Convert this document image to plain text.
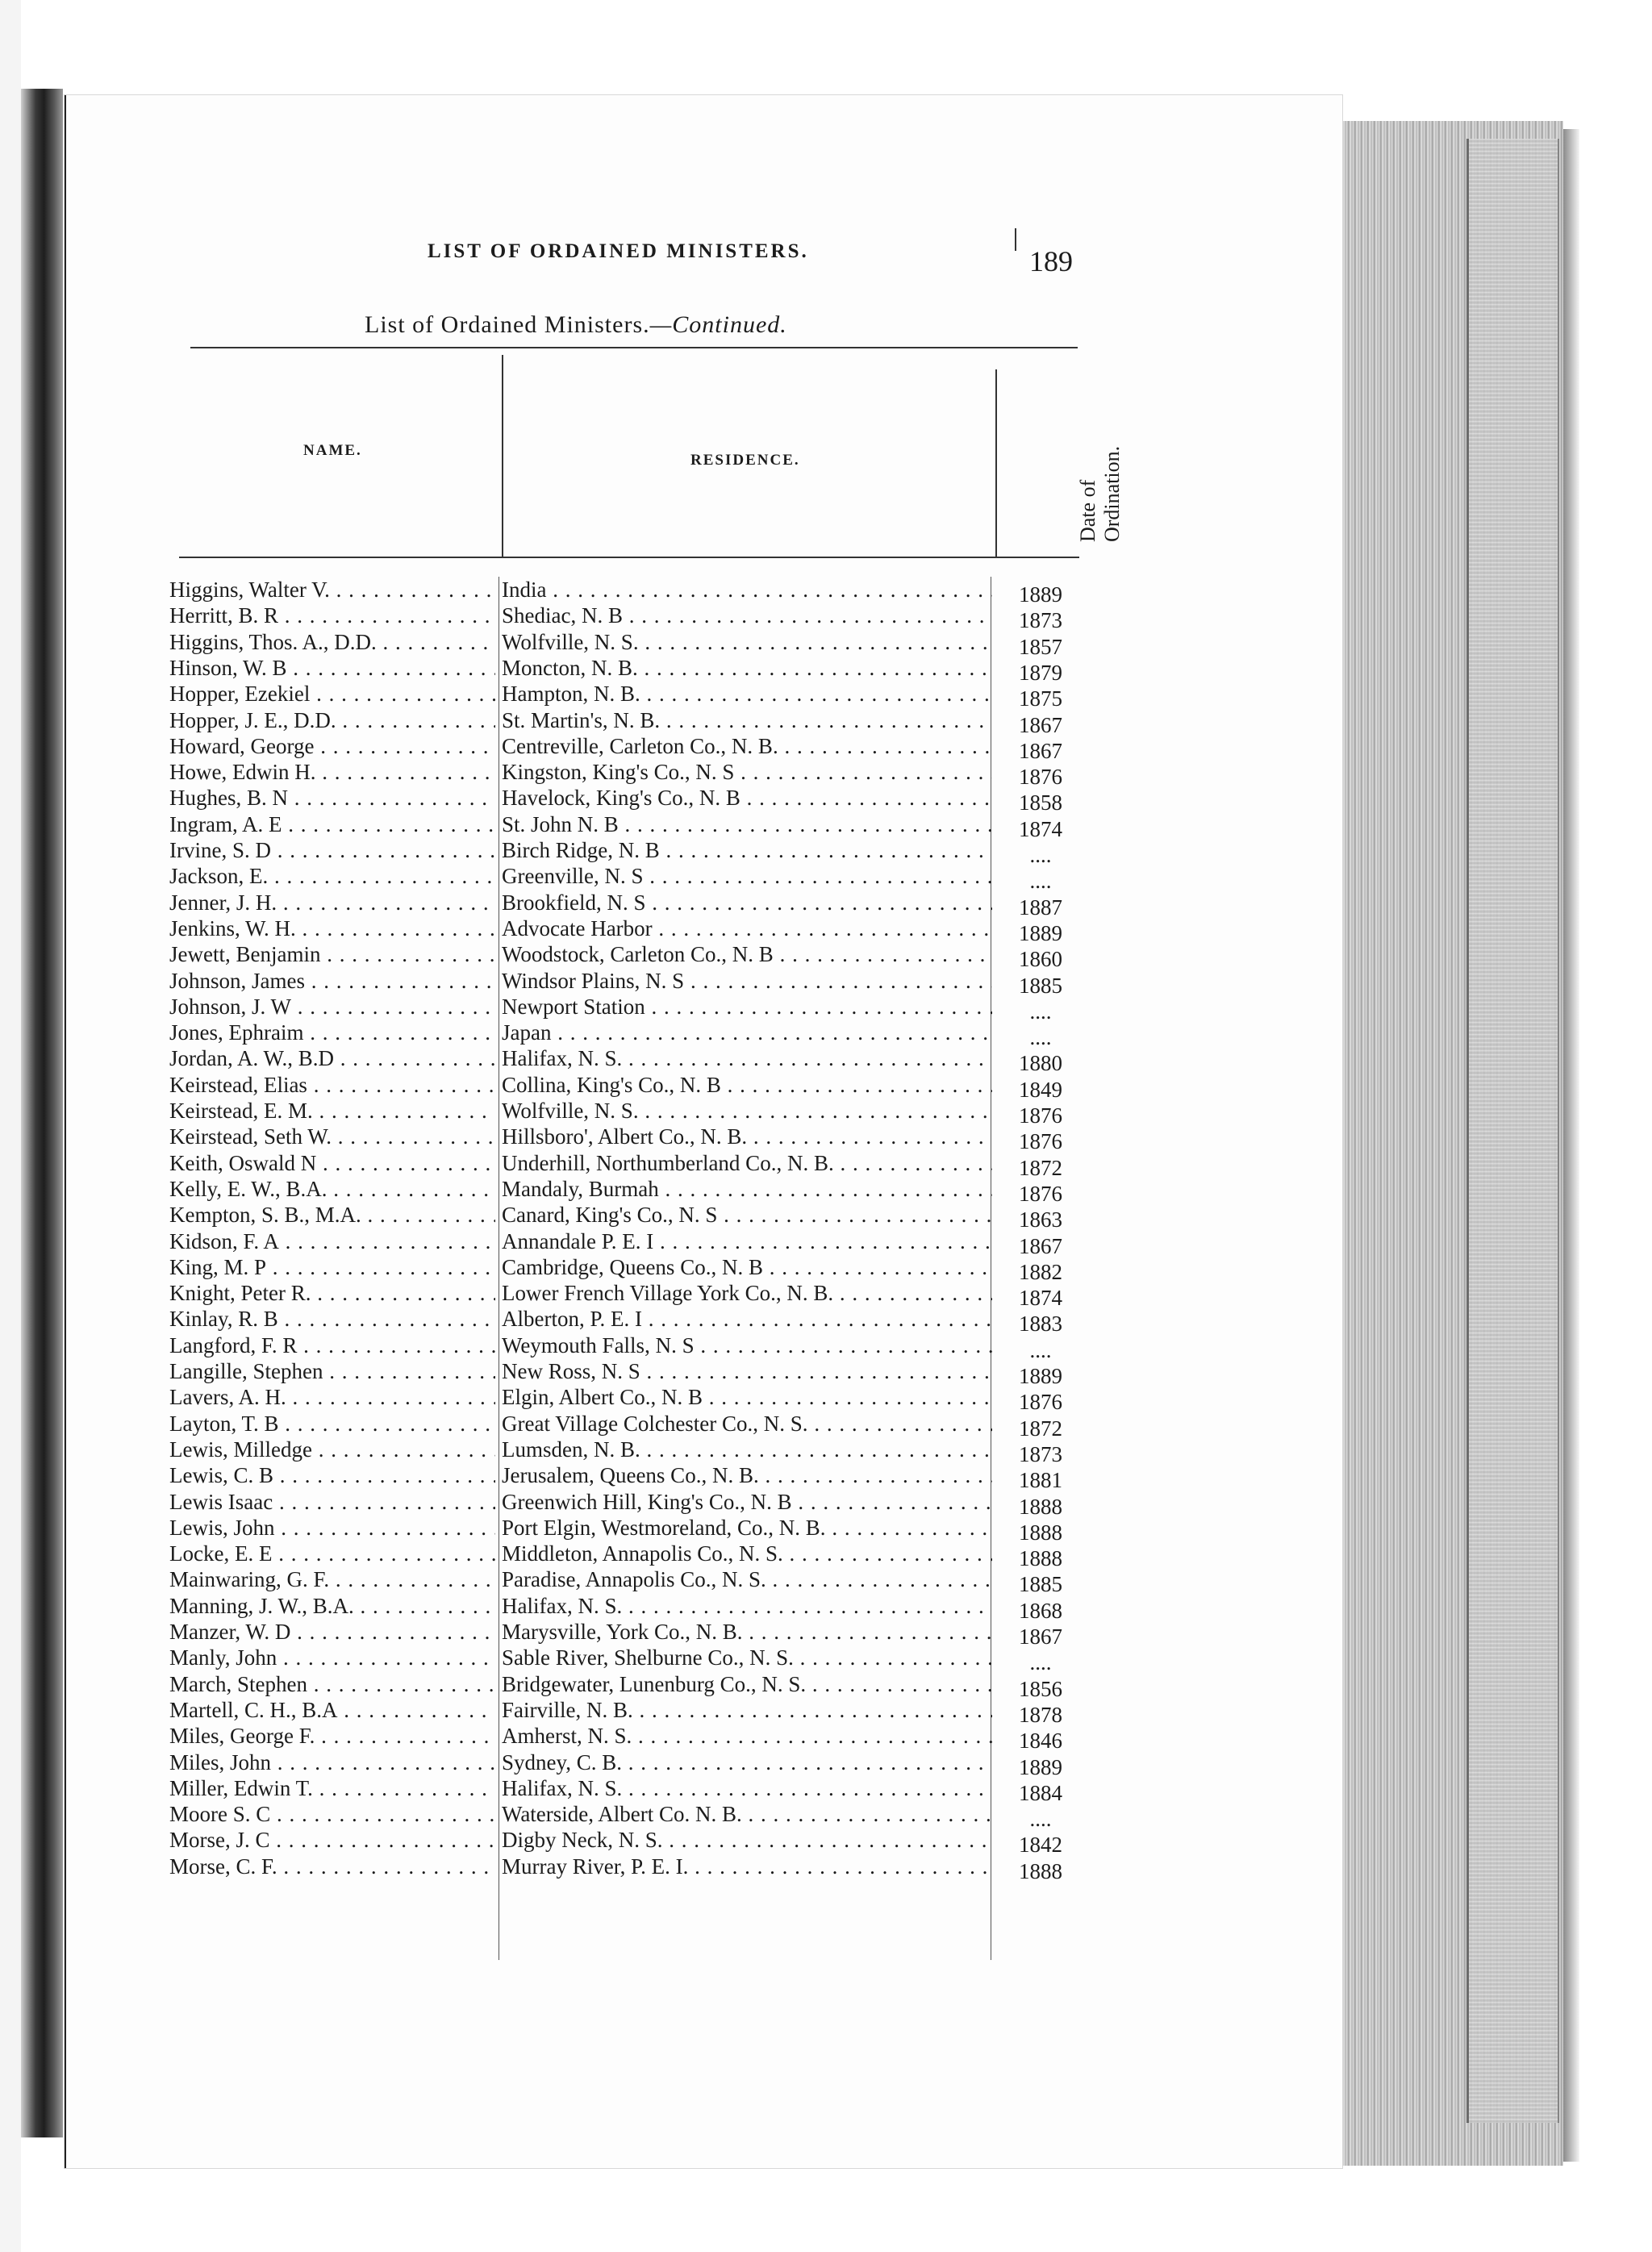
LIST OF ORDAINED MINISTERS.	189
List of Ordained Ministers.—Continued.
NAME.
RESIDENCE.
Date of Ordination.
Higgins, Walter V. . . .	India . . .	1889
Herritt, B. R . . .	Shediac, N. B . . .	1873
Higgins, Thos. A., D.D. . . .	Wolfville, N. S. . . .	1857
Hinson, W. B . . .	Moncton, N. B. . . .	1879
Hopper, Ezekiel . . .	Hampton, N. B. . . .	1875
Hopper, J. E., D.D. . . .	St. Martin's, N. B. . . .	1867
Howard, George . . .	Centreville, Carleton Co., N. B. . . .	1867
Howe, Edwin H. . . .	Kingston, King's Co., N. S . . .	1876
Hughes, B. N . . .	Havelock, King's Co., N. B . . .	1858
Ingram, A. E . . .	St. John N. B . . .	1874
Irvine, S. D . . .	Birch Ridge, N. B . . .	....
Jackson, E. . . .	Greenville, N. S . . .	....
Jenner, J. H. . . .	Brookfield, N. S . . .	1887
Jenkins, W. H. . . .	Advocate Harbor . . .	1889
Jewett, Benjamin . . .	Woodstock, Carleton Co., N. B . . .	1860
Johnson, James . . .	Windsor Plains, N. S . . .	1885
Johnson, J. W . . .	Newport Station . . .	....
Jones, Ephraim . . .	Japan . . .	....
Jordan, A. W., B.D . . .	Halifax, N. S. . . .	1880
Keirstead, Elias . . .	Collina, King's Co., N. B . . .	1849
Keirstead, E. M. . . .	Wolfville, N. S. . . .	1876
Keirstead, Seth W. . . .	Hillsboro', Albert Co., N. B. . . .	1876
Keith, Oswald N . . .	Underhill, Northumberland Co., N. B. . . .	1872
Kelly, E. W., B.A. . . .	Mandaly, Burmah . . .	1876
Kempton, S. B., M.A. . . .	Canard, King's Co., N. S . . .	1863
Kidson, F. A . . .	Annandale P. E. I . . .	1867
King, M. P . . .	Cambridge, Queens Co., N. B . . .	1882
Knight, Peter R. . . .	Lower French Village York Co., N. B. . . .	1874
Kinlay, R. B . . .	Alberton, P. E. I . . .	1883
Langford, F. R . . .	Weymouth Falls, N. S . . .	....
Langille, Stephen . . .	New Ross, N. S . . .	1889
Lavers, A. H. . . .	Elgin, Albert Co., N. B . . .	1876
Layton, T. B . . .	Great Village Colchester Co., N. S. . . .	1872
Lewis, Milledge . . .	Lumsden, N. B. . . .	1873
Lewis, C. B . . .	Jerusalem, Queens Co., N. B. . . .	1881
Lewis Isaac . . .	Greenwich Hill, King's Co., N. B . . .	1888
Lewis, John . . .	Port Elgin, Westmoreland, Co., N. B. . . .	1888
Locke, E. E . . .	Middleton, Annapolis Co., N. S. . . .	1888
Mainwaring, G. F. . . .	Paradise, Annapolis Co., N. S. . . .	1885
Manning, J. W., B.A. . . .	Halifax, N. S. . . .	1868
Manzer, W. D . . .	Marysville, York Co., N. B. . . .	1867
Manly, John . . .	Sable River, Shelburne Co., N. S. . . .	....
March, Stephen . . .	Bridgewater, Lunenburg Co., N. S. . . .	1856
Martell, C. H., B.A . . .	Fairville, N. B. . . .	1878
Miles, George F. . . .	Amherst, N. S. . . .	1846
Miles, John . . .	Sydney, C. B. . . .	1889
Miller, Edwin T. . . .	Halifax, N. S. . . .	1884
Moore S. C . . .	Waterside, Albert Co. N. B. . . .	....
Morse, J. C . . .	Digby Neck, N. S. . . .	1842
Morse, C. F. . . .	Murray River, P. E. I. . . .	1888
